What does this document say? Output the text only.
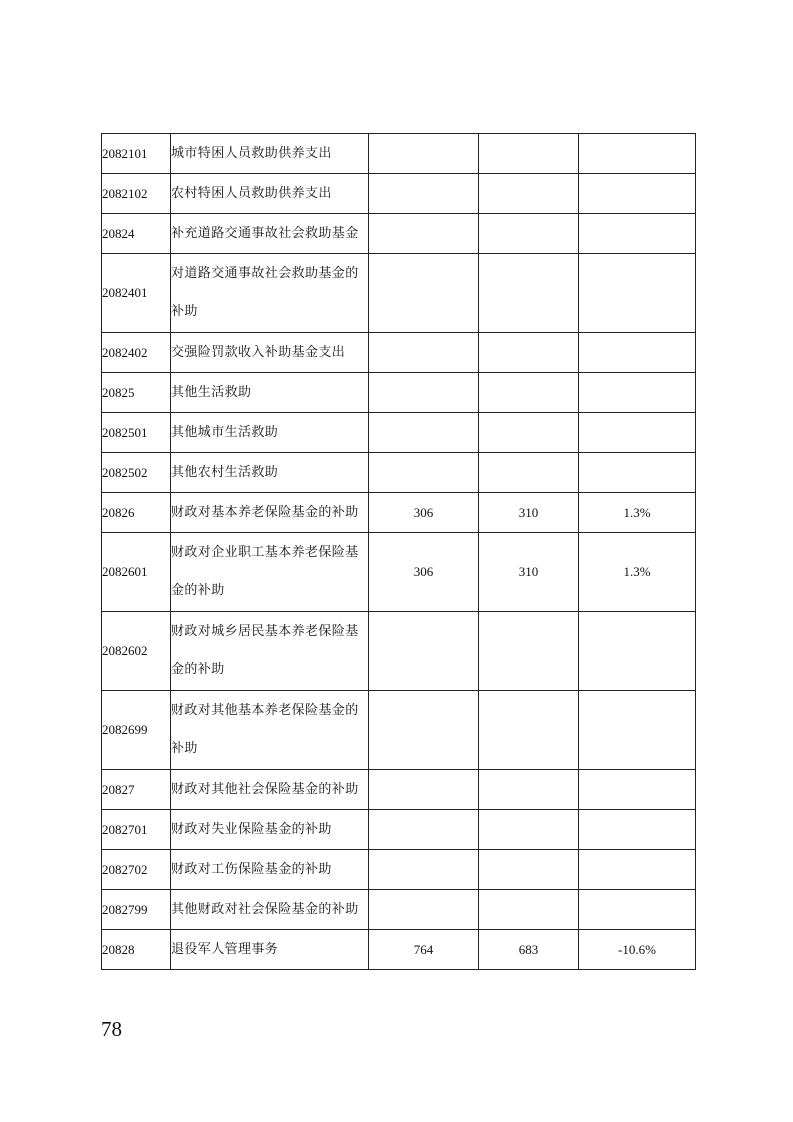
2082101	城市特困人员救助供养支出			
2082102	农村特困人员救助供养支出			
20824	补充道路交通事故社会救助基金			
2082401	对道路交通事故社会救助基金的补助			
2082402	交强险罚款收入补助基金支出			
20825	其他生活救助			
2082501	其他城市生活救助			
2082502	其他农村生活救助			
20826	财政对基本养老保险基金的补助	306	310	1.3%
2082601	财政对企业职工基本养老保险基金的补助	306	310	1.3%
2082602	财政对城乡居民基本养老保险基金的补助			
2082699	财政对其他基本养老保险基金的补助			
20827	财政对其他社会保险基金的补助			
2082701	财政对失业保险基金的补助			
2082702	财政对工伤保险基金的补助			
2082799	其他财政对社会保险基金的补助			
20828	退役军人管理事务	764	683	-10.6%
78
